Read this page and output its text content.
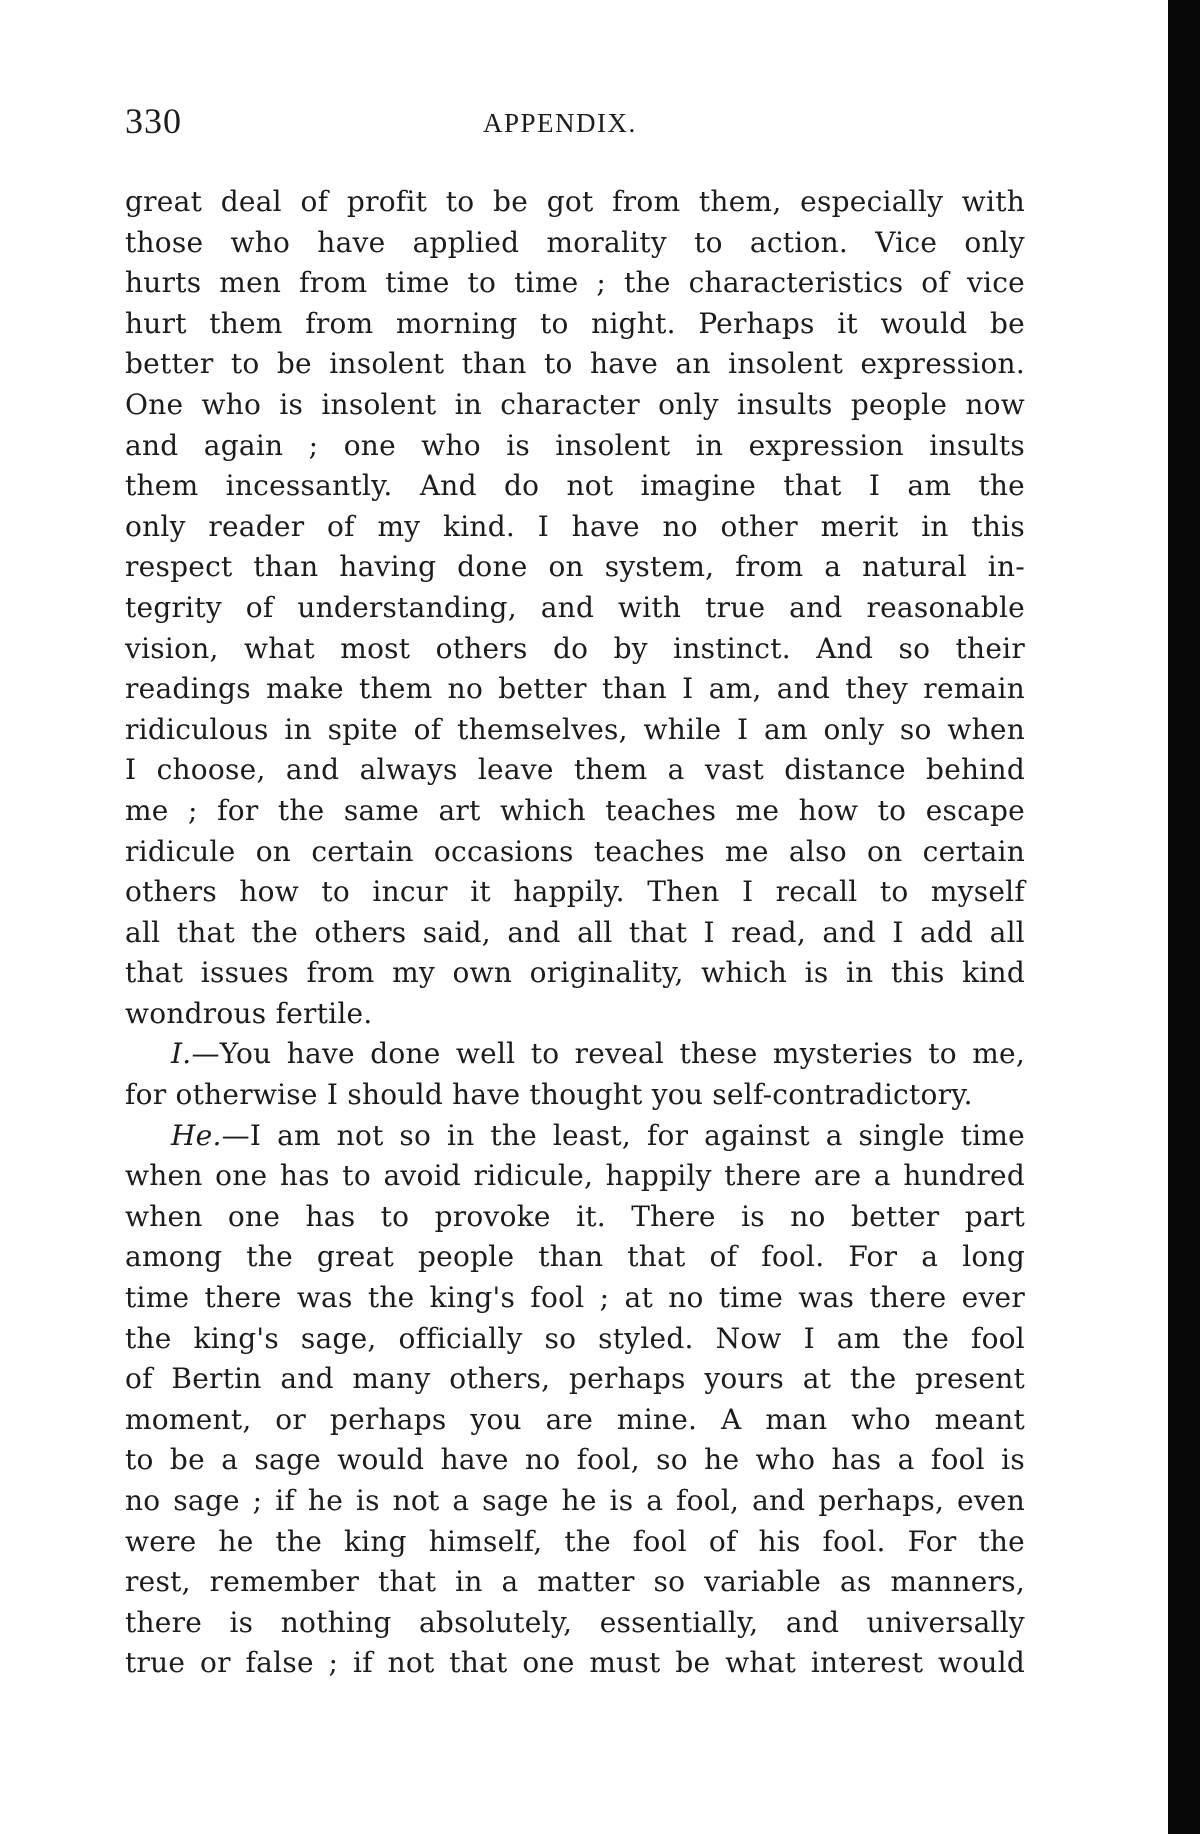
330	APPENDIX.
great deal of profit to be got from them, especially with
those who have applied morality to action. Vice only
hurts men from time to time ; the characteristics of vice
hurt them from morning to night. Perhaps it would be
better to be insolent than to have an insolent expression.
One who is insolent in character only insults people now
and again ; one who is insolent in expression insults
them incessantly. And do not imagine that I am the
only reader of my kind. I have no other merit in this
respect than having done on system, from a natural in-
tegrity of understanding, and with true and reasonable
vision, what most others do by instinct. And so their
readings make them no better than I am, and they remain
ridiculous in spite of themselves, while I am only so when
I choose, and always leave them a vast distance behind
me ; for the same art which teaches me how to escape
ridicule on certain occasions teaches me also on certain
others how to incur it happily. Then I recall to myself
all that the others said, and all that I read, and I add all
that issues from my own originality, which is in this kind
wondrous fertile.
I.—You have done well to reveal these mysteries to me,
for otherwise I should have thought you self-contradictory.
He.—I am not so in the least, for against a single time
when one has to avoid ridicule, happily there are a hundred
when one has to provoke it. There is no better part
among the great people than that of fool. For a long
time there was the king's fool ; at no time was there ever
the king's sage, officially so styled. Now I am the fool
of Bertin and many others, perhaps yours at the present
moment, or perhaps you are mine. A man who meant
to be a sage would have no fool, so he who has a fool is
no sage ; if he is not a sage he is a fool, and perhaps, even
were he the king himself, the fool of his fool. For the
rest, remember that in a matter so variable as manners,
there is nothing absolutely, essentially, and universally
true or false ; if not that one must be what interest would
